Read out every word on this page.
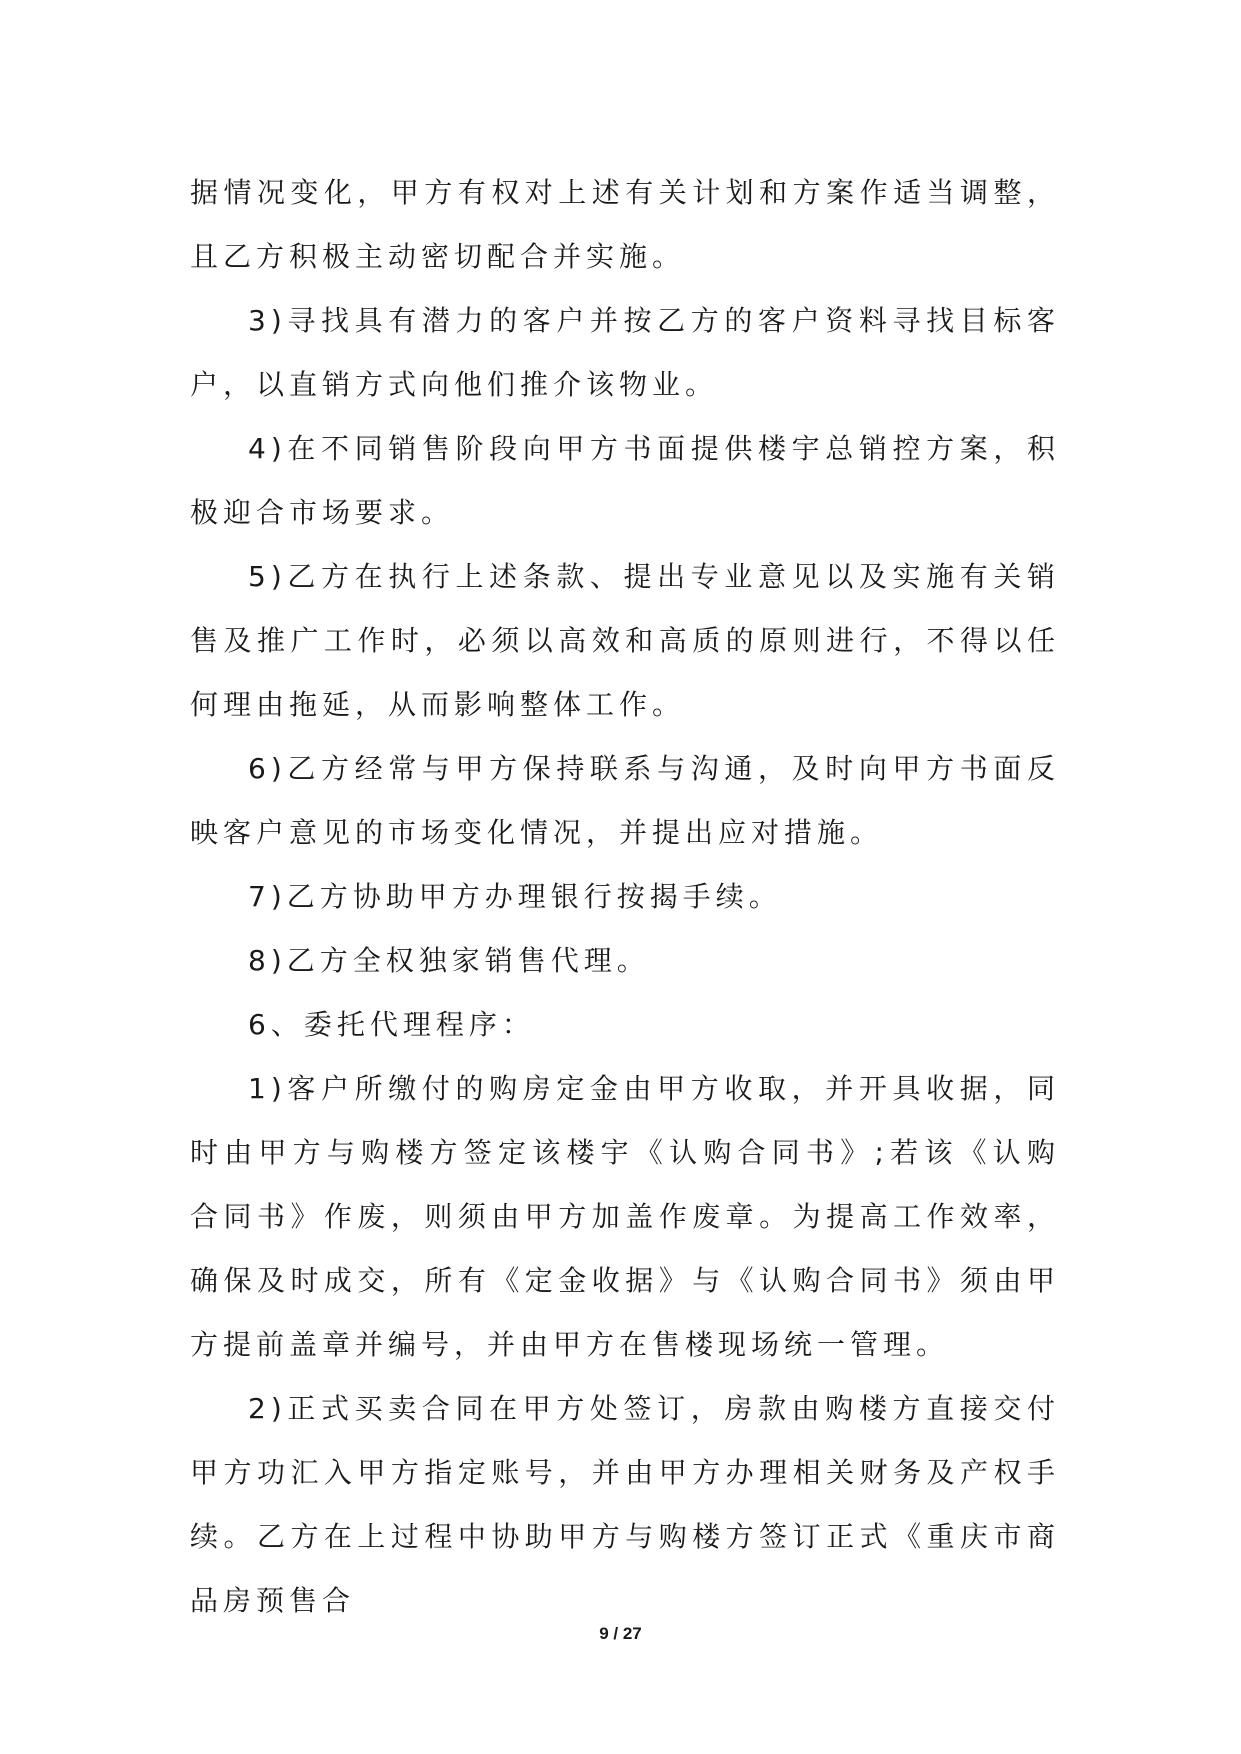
据情况变化，甲方有权对上述有关计划和方案作适当调整，且乙方积极主动密切配合并实施。

3)寻找具有潜力的客户并按乙方的客户资料寻找目标客户，以直销方式向他们推介该物业。

4)在不同销售阶段向甲方书面提供楼宇总销控方案，积极迎合市场要求。

5)乙方在执行上述条款、提出专业意见以及实施有关销售及推广工作时，必须以高效和高质的原则进行，不得以任何理由拖延，从而影响整体工作。

6)乙方经常与甲方保持联系与沟通，及时向甲方书面反映客户意见的市场变化情况，并提出应对措施。

7)乙方协助甲方办理银行按揭手续。

8)乙方全权独家销售代理。

6、委托代理程序：

1)客户所缴付的购房定金由甲方收取，并开具收据，同时由甲方与购楼方签定该楼宇《认购合同书》;若该《认购合同书》作废，则须由甲方加盖作废章。为提高工作效率，确保及时成交，所有《定金收据》与《认购合同书》须由甲方提前盖章并编号，并由甲方在售楼现场统一管理。

2)正式买卖合同在甲方处签订，房款由购楼方直接交付甲方功汇入甲方指定账号，并由甲方办理相关财务及产权手续。乙方在上过程中协助甲方与购楼方签订正式《重庆市商品房预售合

9 / 27
